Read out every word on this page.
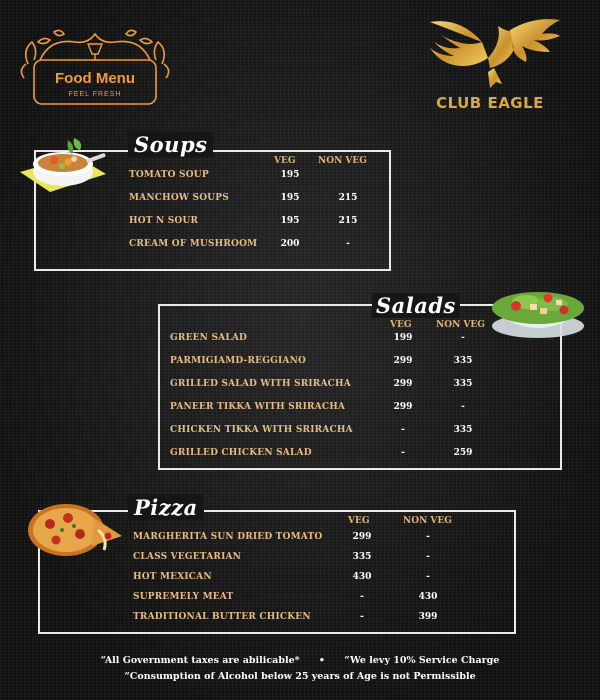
Food Menu
FEEL FRESH	CLUB EAGLE
Soups
VEG NON VEG
TOMATO SOUP	195
MANCHOW SOUPS	195	215
HOT N SOUR	195	215
CREAM OF MUSHROOM	200	-
Salads
VEG	NON VEG
GREEN SALAD	199	-
PARMIGIAMD-REGGIANO	299	335
GRILLED SALAD WITH SRIRACHA	299	335
PANEER TIKKA WITH SRIRACHA	299	-
CHICKEN TIKKA WITH SRIRACHA	-	335
GRILLED CHICKEN SALAD	-	259
Pizza
VEG	NON VEG
MARGHERITA SUN DRIED TOMATO	299	-
CLASS VEGETARIAN	335	-
HOT MEXICAN	430	-
SUPREMELY MEAT	-	430
TRADITIONAL BUTTER CHICKEN	-	399
“All Government taxes are abilicable* • “We levy 10% Service Charge
“Consumption of Alcohol below 25 years of Age is not Permissible
